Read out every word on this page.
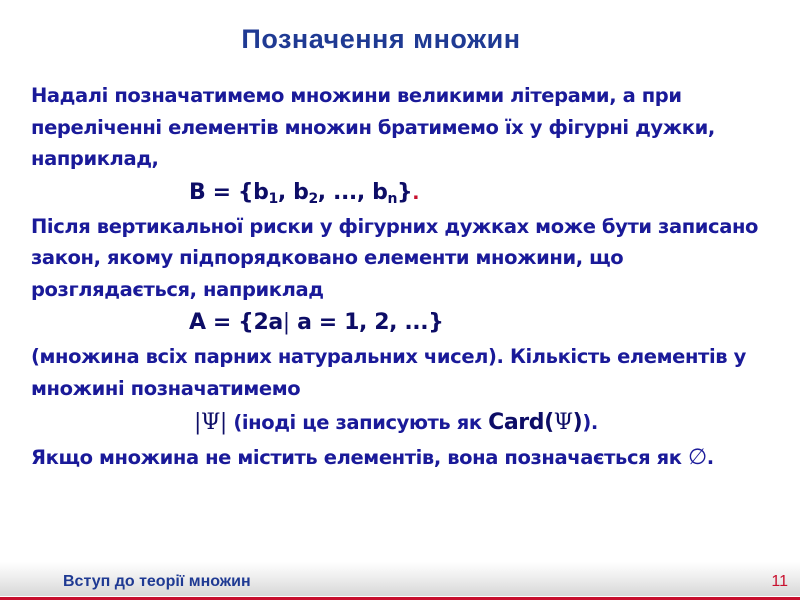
Позначення множин

Надалі позначатимемо множини великими літерами, а при переліченні елементів множин братимемо їх у фігурні дужки, наприклад,

$B = \{b_1$, $b_2$, ..., $b_n$}.

Після вертикальної риски у фігурних дужках може бути записано закон, якому підпорядковано елементи множини, що розглядається, наприклад

A = {2a| a = 1, 2, ...}

(множина всіх парних натуральних чисел). Кількість елементів у множині позначатимемо

|Ψ| (іноді це записують як Card(Ψ)).

Якщо множина не містить елементів, вона позначається як ∅.

Вступ до теорії множин	11
